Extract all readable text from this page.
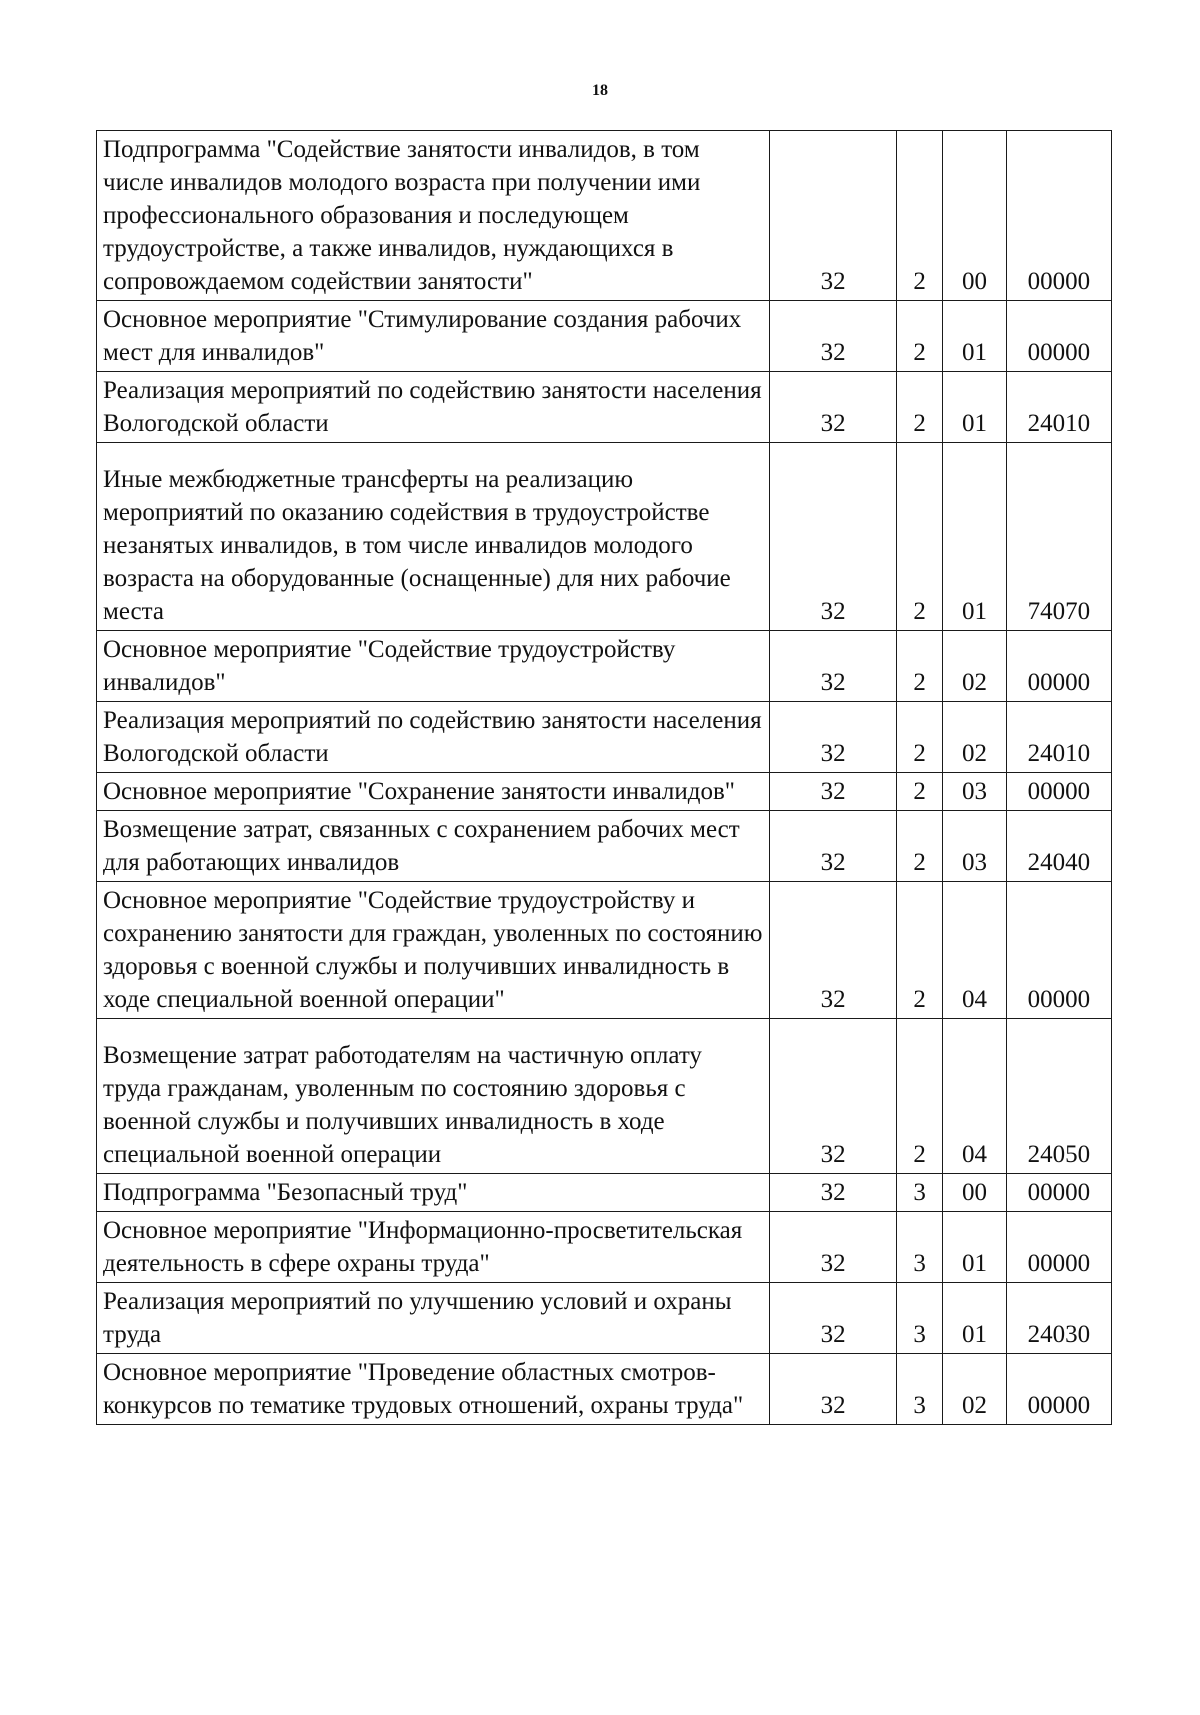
18
Подпрограмма "Содействие занятости инвалидов, в том числе инвалидов молодого возраста при получении ими профессионального образования и последующем трудоустройстве, а также инвалидов, нуждающихся в сопровождаемом содействии занятости"	32	2	00	00000
Основное мероприятие "Стимулирование создания рабочих мест для инвалидов"	32	2	01	00000
Реализация мероприятий по содействию занятости населения Вологодской области	32	2	01	24010
Иные межбюджетные трансферты на реализацию мероприятий по оказанию содействия в трудоустройстве незанятых инвалидов, в том числе инвалидов молодого возраста на оборудованные (оснащенные) для них рабочие места	32	2	01	74070
Основное мероприятие "Содействие трудоустройству инвалидов"	32	2	02	00000
Реализация мероприятий по содействию занятости населения Вологодской области	32	2	02	24010
Основное мероприятие "Сохранение занятости инвалидов"	32	2	03	00000
Возмещение затрат, связанных с сохранением рабочих мест для работающих инвалидов	32	2	03	24040
Основное мероприятие "Содействие трудоустройству и сохранению занятости для граждан, уволенных по состоянию здоровья с военной службы и получивших инвалидность в ходе специальной военной операции"	32	2	04	00000
Возмещение затрат работодателям на частичную оплату труда гражданам, уволенным по состоянию здоровья с военной службы и получивших инвалидность в ходе специальной военной операции	32	2	04	24050
Подпрограмма "Безопасный труд"	32	3	00	00000
Основное мероприятие "Информационно-просветительская деятельность в сфере охраны труда"	32	3	01	00000
Реализация мероприятий по улучшению условий и охраны труда	32	3	01	24030
Основное мероприятие "Проведение областных смотров-конкурсов по тематике трудовых отношений, охраны труда"	32	3	02	00000
